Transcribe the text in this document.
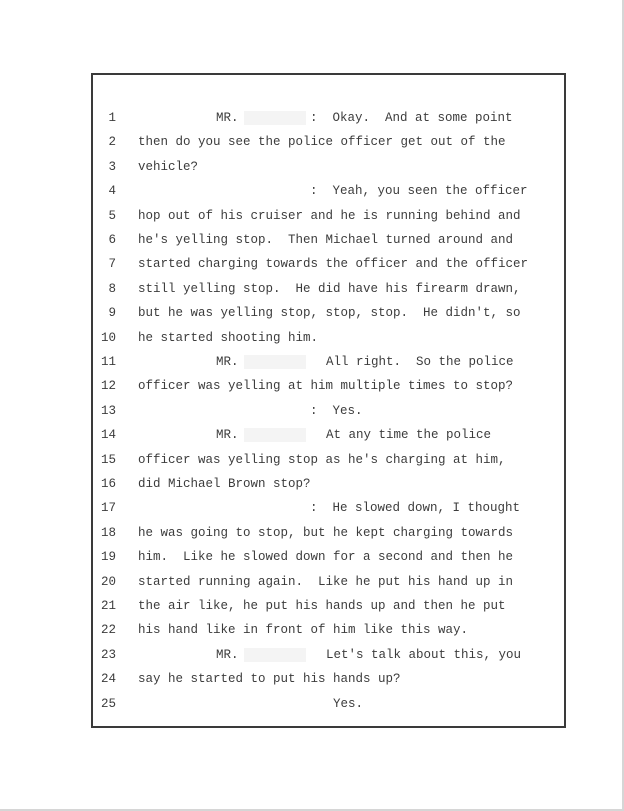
1	MR.	:  Okay.  And at some point
2 then do you see the police officer get out of the
3 vehicle?
4	:  Yeah, you seen the officer
5 hop out of his cruiser and he is running behind and
6 he's yelling stop.  Then Michael turned around and
7 started charging towards the officer and the officer
8 still yelling stop.  He did have his firearm drawn,
9 but he was yelling stop, stop, stop.  He didn't, so
10 he started shooting him.
11	MR.	All right.  So the police
12 officer was yelling at him multiple times to stop?
13	:  Yes.
14	MR.	At any time the police
15 officer was yelling stop as he's charging at him,
16 did Michael Brown stop?
17	:  He slowed down, I thought
18 he was going to stop, but he kept charging towards
19 him.  Like he slowed down for a second and then he
20 started running again.  Like he put his hand up in
21 the air like, he put his hands up and then he put
22 his hand like in front of him like this way.
23	MR.	Let's talk about this, you
24 say he started to put his hands up?
25	Yes.
